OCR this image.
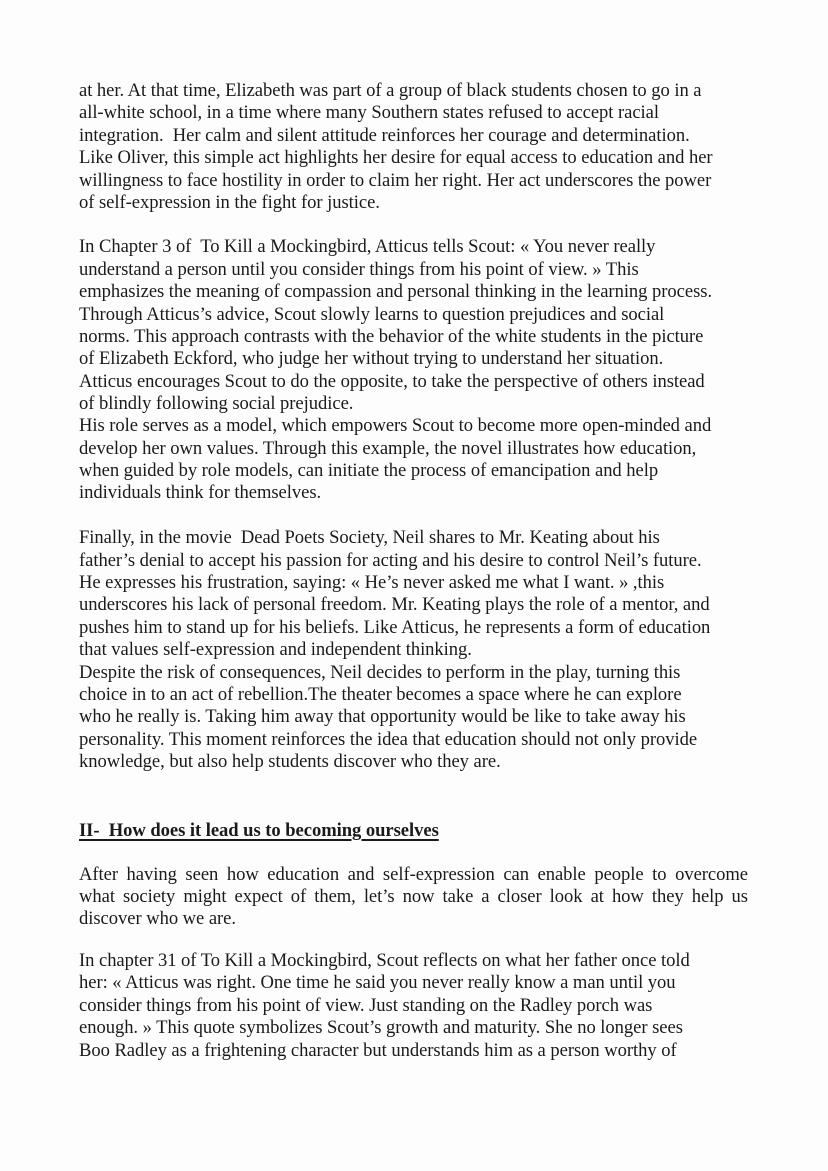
at her. At that time, Elizabeth was part of a group of black students chosen to go in a
all-white school, in a time where many Southern states refused to accept racial
integration.  Her calm and silent attitude reinforces her courage and determination.
Like Oliver, this simple act highlights her desire for equal access to education and her
willingness to face hostility in order to claim her right. Her act underscores the power
of self-expression in the fight for justice.
In Chapter 3 of  To Kill a Mockingbird, Atticus tells Scout: « You never really
understand a person until you consider things from his point of view. » This
emphasizes the meaning of compassion and personal thinking in the learning process.
Through Atticus’s advice, Scout slowly learns to question prejudices and social
norms. This approach contrasts with the behavior of the white students in the picture
of Elizabeth Eckford, who judge her without trying to understand her situation.
Atticus encourages Scout to do the opposite, to take the perspective of others instead
of blindly following social prejudice.
His role serves as a model, which empowers Scout to become more open-minded and
develop her own values. Through this example, the novel illustrates how education,
when guided by role models, can initiate the process of emancipation and help
individuals think for themselves.
Finally, in the movie  Dead Poets Society, Neil shares to Mr. Keating about his
father’s denial to accept his passion for acting and his desire to control Neil’s future.
He expresses his frustration, saying: « He’s never asked me what I want. » ,this
underscores his lack of personal freedom. Mr. Keating plays the role of a mentor, and
pushes him to stand up for his beliefs. Like Atticus, he represents a form of education
that values self-expression and independent thinking.
Despite the risk of consequences, Neil decides to perform in the play, turning this
choice in to an act of rebellion.The theater becomes a space where he can explore
who he really is. Taking him away that opportunity would be like to take away his
personality. This moment reinforces the idea that education should not only provide
knowledge, but also help students discover who they are.
II-  How does it lead us to becoming ourselves
After having seen how education and self-expression can enable people to overcome
what society might expect of them, let’s now take a closer look at how they help us
discover who we are.
In chapter 31 of To Kill a Mockingbird, Scout reflects on what her father once told
her: « Atticus was right. One time he said you never really know a man until you
consider things from his point of view. Just standing on the Radley porch was
enough. » This quote symbolizes Scout’s growth and maturity. She no longer sees
Boo Radley as a frightening character but understands him as a person worthy of
